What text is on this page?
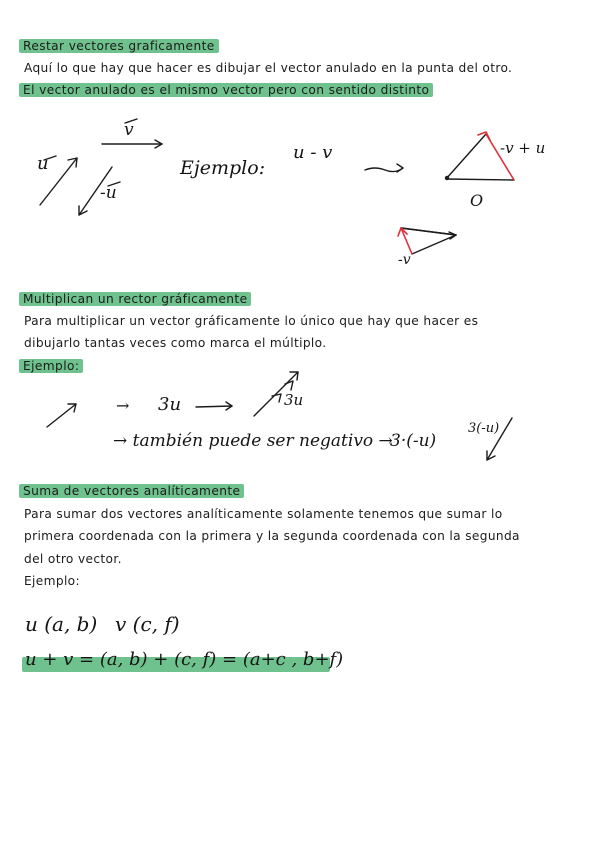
Restar vectores graficamente
Aquí lo que hay que hacer es dibujar el vector anulado en la punta del otro.
El vector anulado es el mismo vector pero con sentido distinto
u
v
-u
Ejemplo:
u - v
O
-v + u
-v
Multiplican un rector gráficamente
Para multiplicar un vector gráficamente lo único que hay que hacer es
dibujarlo tantas veces como marca el múltiplo.
Ejemplo:
→ 3u	3u
→ también puede ser negativo →
3·(-u)
3(-u)
Suma de vectores analíticamente
Para sumar dos vectores analíticamente solamente tenemos que sumar lo
primera coordenada con la primera y la segunda coordenada con la segunda
del otro vector.
Ejemplo:
u (a, b) v (c, f)
u + v = (a, b) + (c, f) = (a+c , b+f)
